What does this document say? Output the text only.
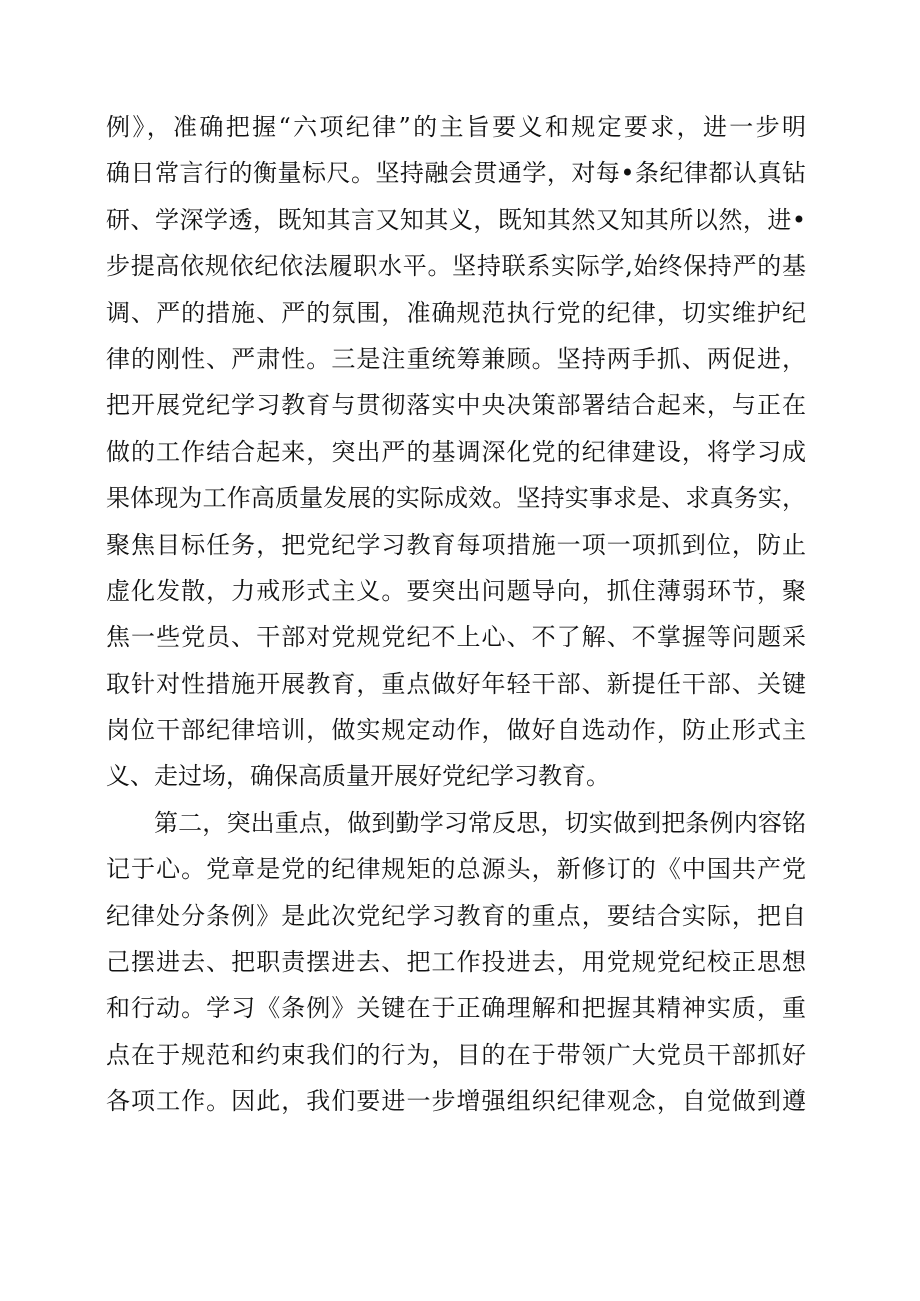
例》，准确把握“六项纪律”的主旨要义和规定要求，进一步明
确日常言行的衡量标尺。坚持融会贯通学，对每•条纪律都认真钻
研、学深学透，既知其言又知其义，既知其然又知其所以然，进•
步提高依规依纪依法履职水平。坚持联系实际学,始终保持严的基
调、严的措施、严的氛围，准确规范执行党的纪律，切实维护纪
律的刚性、严肃性。三是注重统筹兼顾。坚持两手抓、两促进，
把开展党纪学习教育与贯彻落实中央决策部署结合起来，与正在
做的工作结合起来，突出严的基调深化党的纪律建设，将学习成
果体现为工作高质量发展的实际成效。坚持实事求是、求真务实，
聚焦目标任务，把党纪学习教育每项措施一项一项抓到位，防止
虚化发散，力戒形式主义。要突出问题导向，抓住薄弱环节，聚
焦一些党员、干部对党规党纪不上心、不了解、不掌握等问题采
取针对性措施开展教育，重点做好年轻干部、新提任干部、关键
岗位干部纪律培训，做实规定动作，做好自选动作，防止形式主
义、走过场，确保高质量开展好党纪学习教育。
第二，突出重点，做到勤学习常反思，切实做到把条例内容铭
记于心。党章是党的纪律规矩的总源头，新修订的《中国共产党
纪律处分条例》是此次党纪学习教育的重点，要结合实际，把自
己摆进去、把职责摆进去、把工作投进去，用党规党纪校正思想
和行动。学习《条例》关键在于正确理解和把握其精神实质，重
点在于规范和约束我们的行为，目的在于带领广大党员干部抓好
各项工作。因此，我们要进一步增强组织纪律观念，自觉做到遵
